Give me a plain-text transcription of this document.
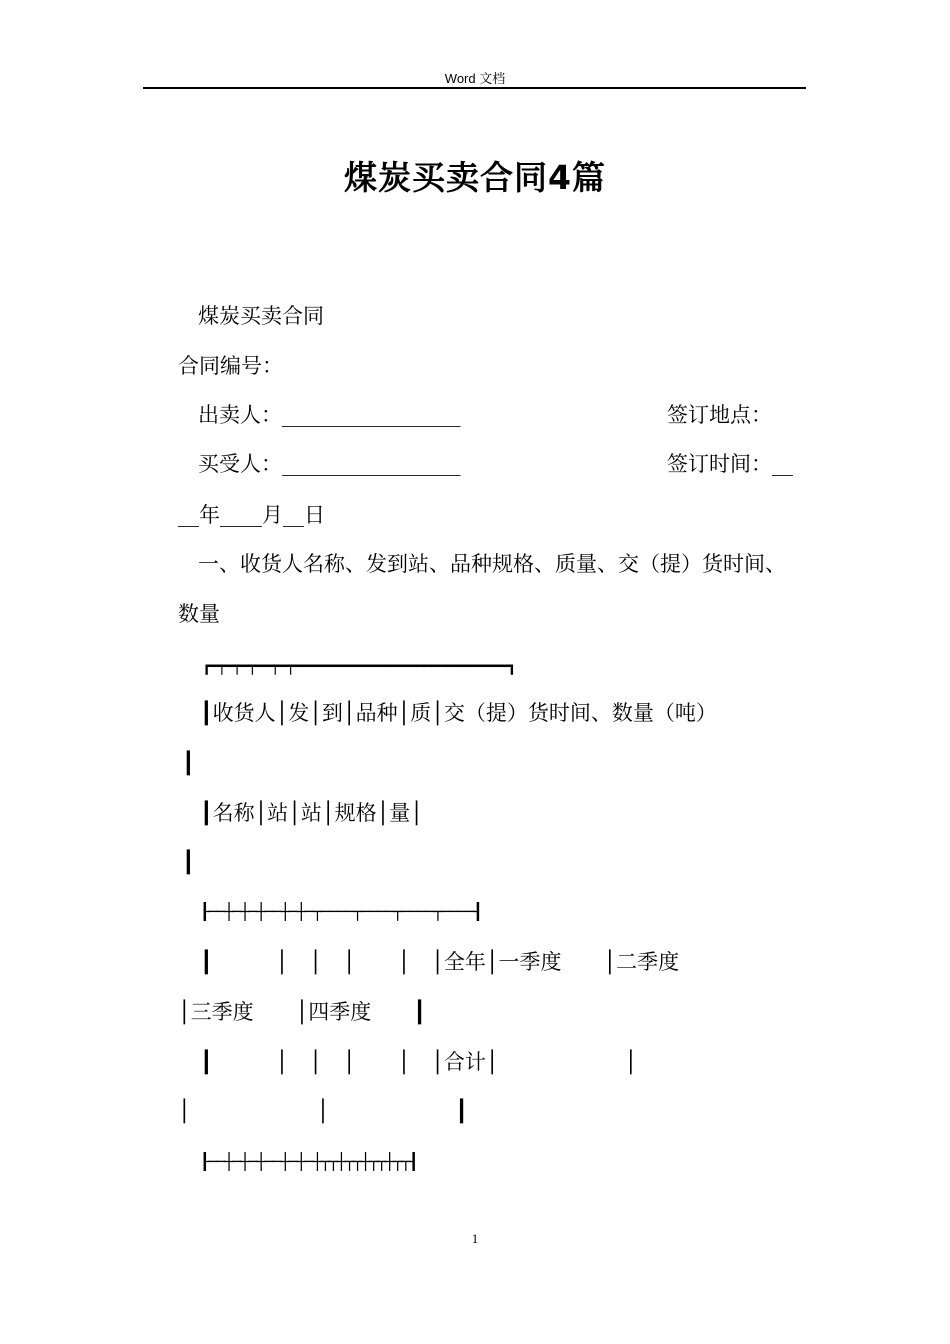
Word 文档
煤炭买卖合同4篇

煤炭买卖合同

合同编号：

出卖人：_________________	签订地点：

买受人：_________________	签订时间：__

__年____月__日

一、收货人名称、发到站、品种规格、质量、交（提）货时间、

数量

┏━┯━┯━┯━━┯━┯━━━━━━━━━━━━━━━━━━━━━━━━━━━━┓

┃收货人│发│到│品种│质│交（提）货时间、数量（吨）

┃

┃名称│站│站│规格│量│

┃

┠──┼─┼─┼──┼─┼─┬────┬────┬────┬────┨

┃　　　│　│　│　　│　│全年│一季度　　│二季度

│三季度　　│四季度　　┃

┃　　　│　│　│　　│　│合计│　　　　　　│

│　　　　　　│　　　　　　┃

┠──┼─┼─┼──┼─┼─┼┬┬┼┬┬┼┬┬┼┬┬┨

1
